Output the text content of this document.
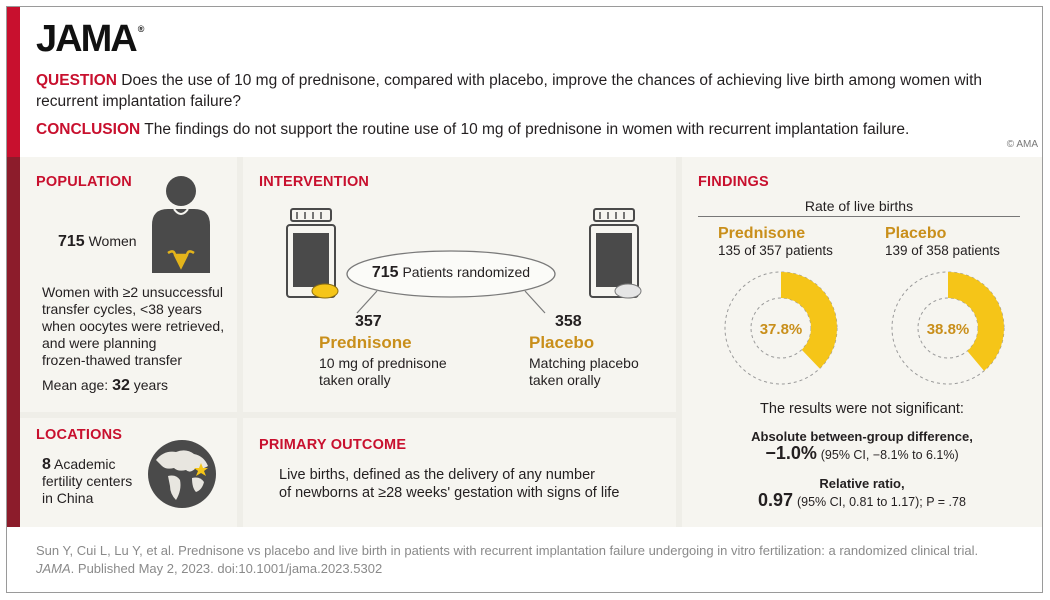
JAMA ®
QUESTION Does the use of 10 mg of prednisone, compared with placebo, improve the chances of achieving live birth among women with recurrent implantation failure?
CONCLUSION The findings do not support the routine use of 10 mg of prednisone in women with recurrent implantation failure.
© AMA
POPULATION
715 Women
Women with ≥2 unsuccessful
transfer cycles, <38 years
when oocytes were retrieved,
and were planning
frozen-thawed transfer
Mean age: 32 years
LOCATIONS
8 Academic
fertility centers
in China
INTERVENTION
715 Patients randomized
357
Prednisone
10 mg of prednisone
taken orally
358
Placebo
Matching placebo
taken orally
PRIMARY OUTCOME
Live births, defined as the delivery of any number
of newborns at ≥28 weeks' gestation with signs of life
FINDINGS
Rate of live births
Prednisone
135 of 357 patients
Placebo
139 of 358 patients
37.8%	38.8%
The results were not significant:
Absolute between-group difference,
−1.0% (95% CI, −8.1% to 6.1%)
Relative ratio,
0.97 (95% CI, 0.81 to 1.17); P = .78
Sun Y, Cui L, Lu Y, et al. Prednisone vs placebo and live birth in patients with recurrent implantation failure undergoing in vitro fertilization: a randomized clinical trial.
JAMA. Published May 2, 2023. doi:10.1001/jama.2023.5302
